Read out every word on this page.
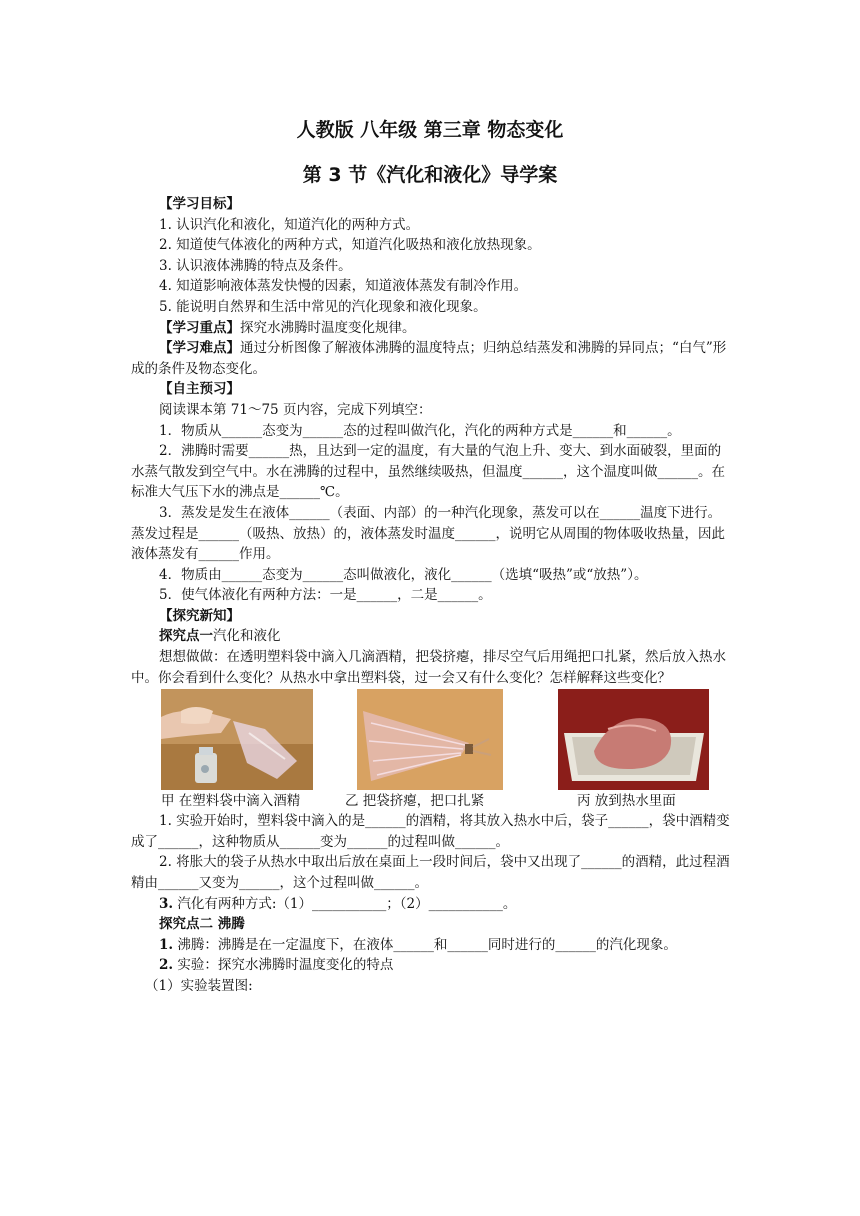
人教版 八年级 第三章 物态变化
第 3 节《汽化和液化》导学案

【学习目标】

1. 认识汽化和液化，知道汽化的两种方式。

2. 知道使气体液化的两种方式，知道汽化吸热和液化放热现象。

3. 认识液体沸腾的特点及条件。

4. 知道影响液体蒸发快慢的因素，知道液体蒸发有制冷作用。

5. 能说明自然界和生活中常见的汽化现象和液化现象。

【学习重点】探究水沸腾时温度变化规律。

【学习难点】通过分析图像了解液体沸腾的温度特点；归纳总结蒸发和沸腾的异同点；“白气”形成的条件及物态变化。

【自主预习】

阅读课本第 71～75 页内容，完成下列填空：

1．物质从______态变为______态的过程叫做汽化，汽化的两种方式是______和______。

2．沸腾时需要______热，且达到一定的温度，有大量的气泡上升、变大、到水面破裂，里面的水蒸气散发到空气中。水在沸腾的过程中，虽然继续吸热，但温度______，这个温度叫做______。在标准大气压下水的沸点是______℃。

3．蒸发是发生在液体______（表面、内部）的一种汽化现象，蒸发可以在______温度下进行。蒸发过程是______（吸热、放热）的，液体蒸发时温度______，说明它从周围的物体吸收热量，因此液体蒸发有______作用。

4．物质由______态变为______态叫做液化，液化______（选填“吸热”或“放热”）。

5．使气体液化有两种方法：一是______，二是______。

【探究新知】

探究点一汽化和液化

想想做做：在透明塑料袋中滴入几滴酒精，把袋挤瘪，排尽空气后用绳把口扎紧，然后放入热水中。你会看到什么变化？从热水中拿出塑料袋，过一会又有什么变化？怎样解释这些变化？

甲 在塑料袋中滴入酒精	乙 把袋挤瘪，把口扎紧	丙 放到热水里面

1. 实验开始时，塑料袋中滴入的是______的酒精，将其放入热水中后，袋子______，袋中酒精变成了______，这种物质从______变为______的过程叫做______。

2. 将胀大的袋子从热水中取出后放在桌面上一段时间后，袋中又出现了______的酒精，此过程酒精由______又变为______，这个过程叫做______。

3. 汽化有两种方式:（1）___________；（2）___________。

探究点二 沸腾

1. 沸腾：沸腾是在一定温度下，在液体______和______同时进行的______的汽化现象。

2. 实验：探究水沸腾时温度变化的特点

（1）实验装置图:
